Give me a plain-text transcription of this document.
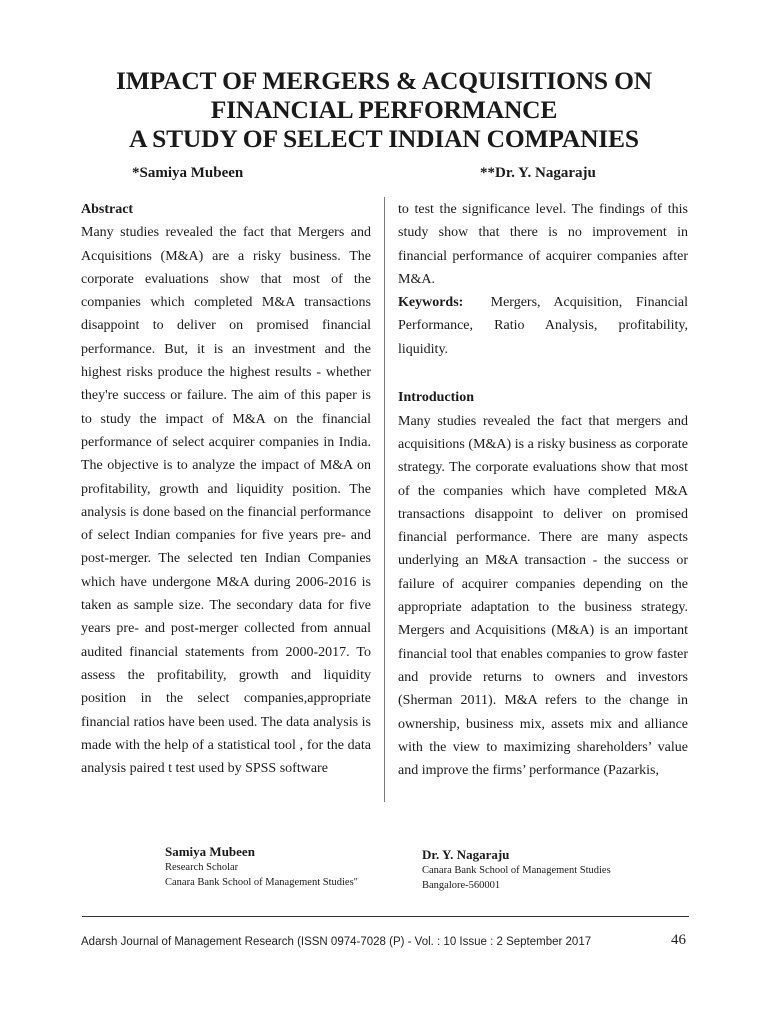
IMPACT OF MERGERS & ACQUISITIONS ON
FINANCIAL PERFORMANCE
A STUDY OF SELECT INDIAN COMPANIES
*Samiya Mubeen	**Dr. Y. Nagaraju

Abstract

Many studies revealed the fact that Mergers and Acquisitions (M&A) are a risky business. The corporate evaluations show that most of the companies which completed M&A transactions disappoint to deliver on promised financial performance. But, it is an investment and the highest risks produce the highest results - whether they're success or failure. The aim of this paper is to study the impact of M&A on the financial performance of select acquirer companies in India. The objective is to analyze the impact of M&A on profitability, growth and liquidity position. The analysis is done based on the financial performance of select Indian companies for five years pre- and post-merger. The selected ten Indian Companies which have undergone M&A during 2006-2016 is taken as sample size. The secondary data for five years pre- and post-merger collected from annual audited financial statements from 2000-2017. To assess the profitability, growth and liquidity position in the select companies,appropriate financial ratios have been used. The data analysis is made with the help of a statistical tool , for the data analysis paired t test used by SPSS software

to test the significance level. The findings of this study show that there is no improvement in financial performance of acquirer companies after M&A.

Keywords: Mergers, Acquisition, Financial Performance, Ratio Analysis, profitability, liquidity.

Introduction

Many studies revealed the fact that mergers and acquisitions (M&A) is a risky business as corporate strategy. The corporate evaluations show that most of the companies which have completed M&A transactions disappoint to deliver on promised financial performance. There are many aspects underlying an M&A transaction - the success or failure of acquirer companies depending on the appropriate adaptation to the business strategy. Mergers and Acquisitions (M&A) is an important financial tool that enables companies to grow faster and provide returns to owners and investors (Sherman 2011). M&A refers to the change in ownership, business mix, assets mix and alliance with the view to maximizing shareholders’ value and improve the firms’ performance (Pazarkis,

Samiya Mubeen
Research Scholar
Canara Bank School of Management Studies"
Dr. Y. Nagaraju
Canara Bank School of Management Studies
Bangalore-560001
Adarsh Journal of Management Research (ISSN 0974-7028 (P) - Vol. : 10 Issue : 2 September 2017	46
